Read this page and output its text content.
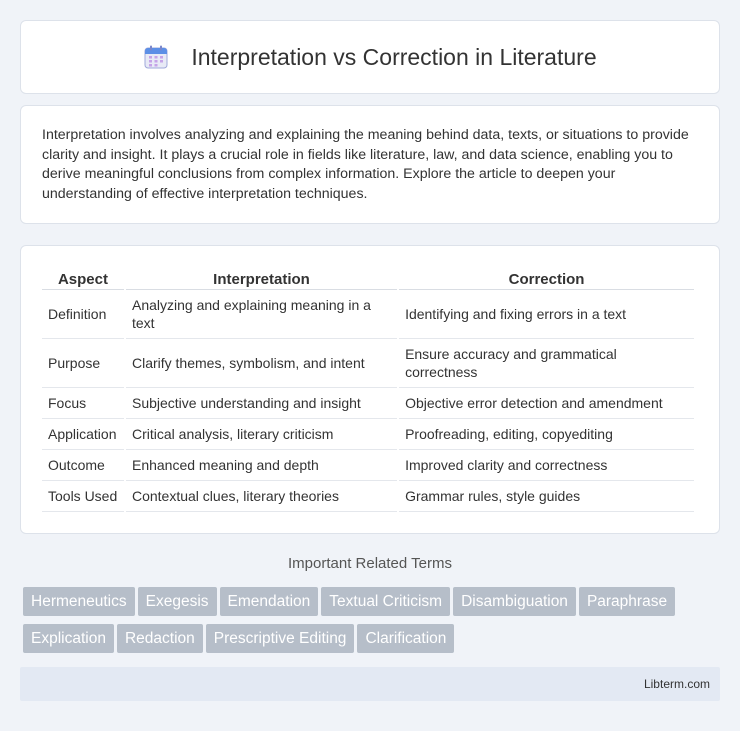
Interpretation vs Correction in Literature

Interpretation involves analyzing and explaining the meaning behind data, texts, or situations to provide clarity and insight. It plays a crucial role in fields like literature, law, and data science, enabling you to derive meaningful conclusions from complex information. Explore the article to deepen your understanding of effective interpretation techniques.

Aspect	Interpretation	Correction
Definition	Analyzing and explaining meaning in a text	Identifying and fixing errors in a text
Purpose	Clarify themes, symbolism, and intent	Ensure accuracy and grammatical correctness
Focus	Subjective understanding and insight	Objective error detection and amendment
Application	Critical analysis, literary criticism	Proofreading, editing, copyediting
Outcome	Enhanced meaning and depth	Improved clarity and correctness
Tools Used	Contextual clues, literary theories	Grammar rules, style guides
Important Related Terms
Hermeneutics Exegesis Emendation Textual Criticism Disambiguation Paraphrase
Explication Redaction Prescriptive Editing Clarification
Libterm.com
